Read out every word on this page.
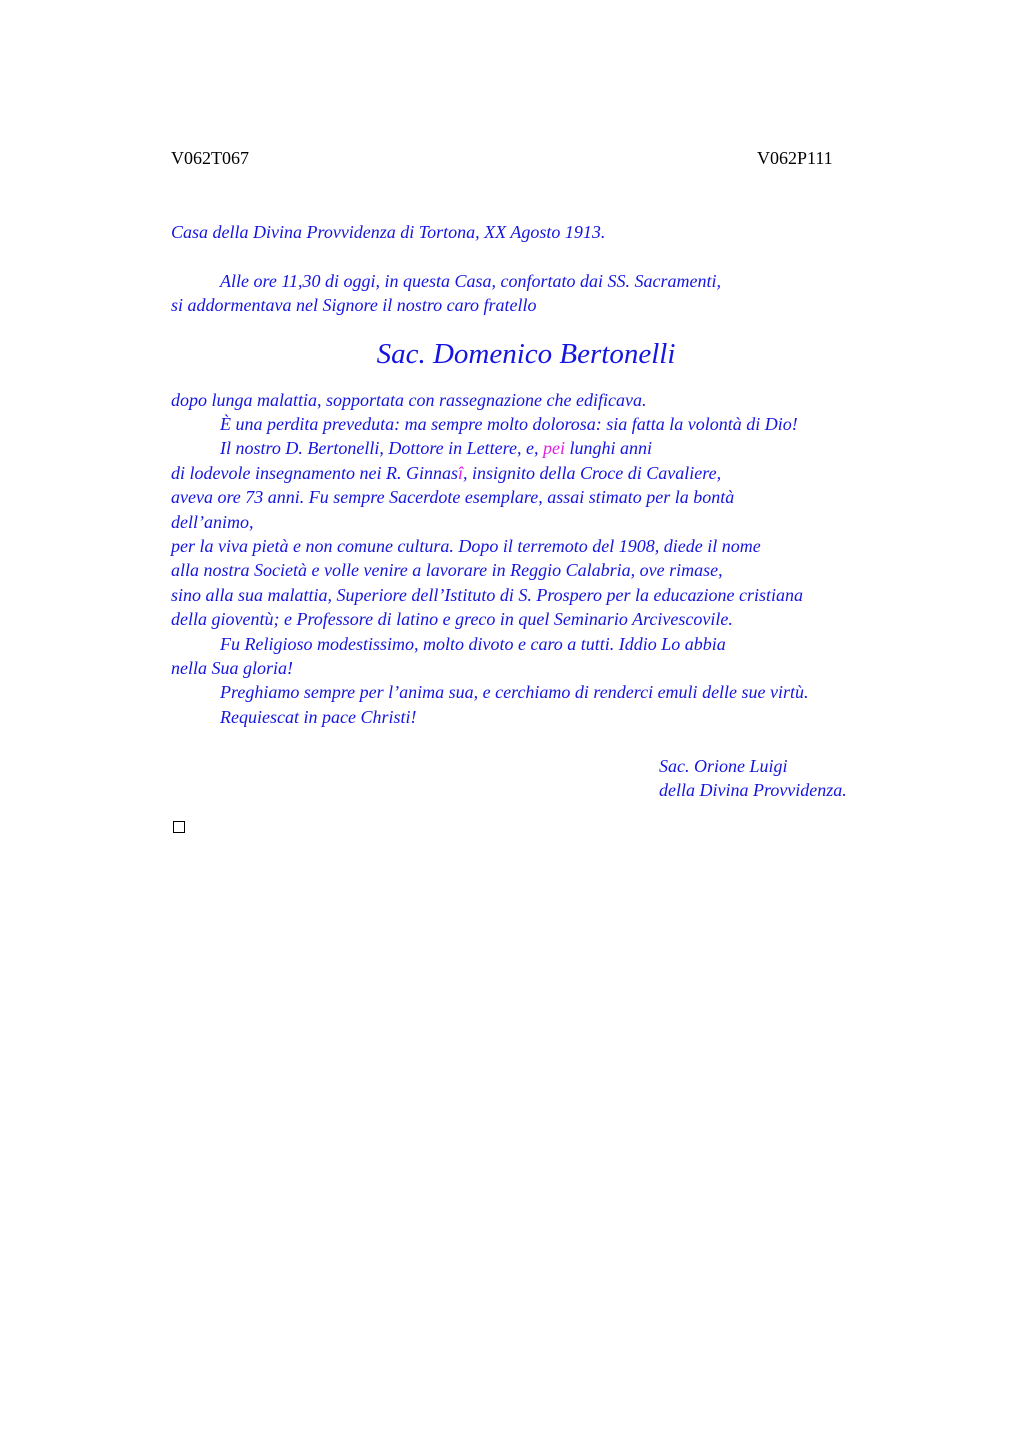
V062T067	V062P111
Casa della Divina Provvidenza di Tortona, XX Agosto 1913.
Alle ore 11,30 di oggi, in questa Casa, confortato dai SS. Sacramenti,
si addormentava nel Signore il nostro caro fratello
Sac. Domenico Bertonelli
dopo lunga malattia, sopportata con rassegnazione che edificava.
È una perdita preveduta: ma sempre molto dolorosa: sia fatta la volontà di Dio!
Il nostro D. Bertonelli, Dottore in Lettere, e, pei lunghi anni
di lodevole insegnamento nei R. Ginnasî, insignito della Croce di Cavaliere,
aveva ore 73 anni. Fu sempre Sacerdote esemplare, assai stimato per la bontà
dell’animo,
per la viva pietà e non comune cultura. Dopo il terremoto del 1908, diede il nome
alla nostra Società e volle venire a lavorare in Reggio Calabria, ove rimase,
sino alla sua malattia, Superiore dell’Istituto di S. Prospero per la educazione cristiana
della gioventù; e Professore di latino e greco in quel Seminario Arcivescovile.
Fu Religioso modestissimo, molto divoto e caro a tutti. Iddio Lo abbia
nella Sua gloria!
Preghiamo sempre per l’anima sua, e cerchiamo di renderci emuli delle sue virtù.
Requiescat in pace Christi!
Sac. Orione Luigi
della Divina Provvidenza.
